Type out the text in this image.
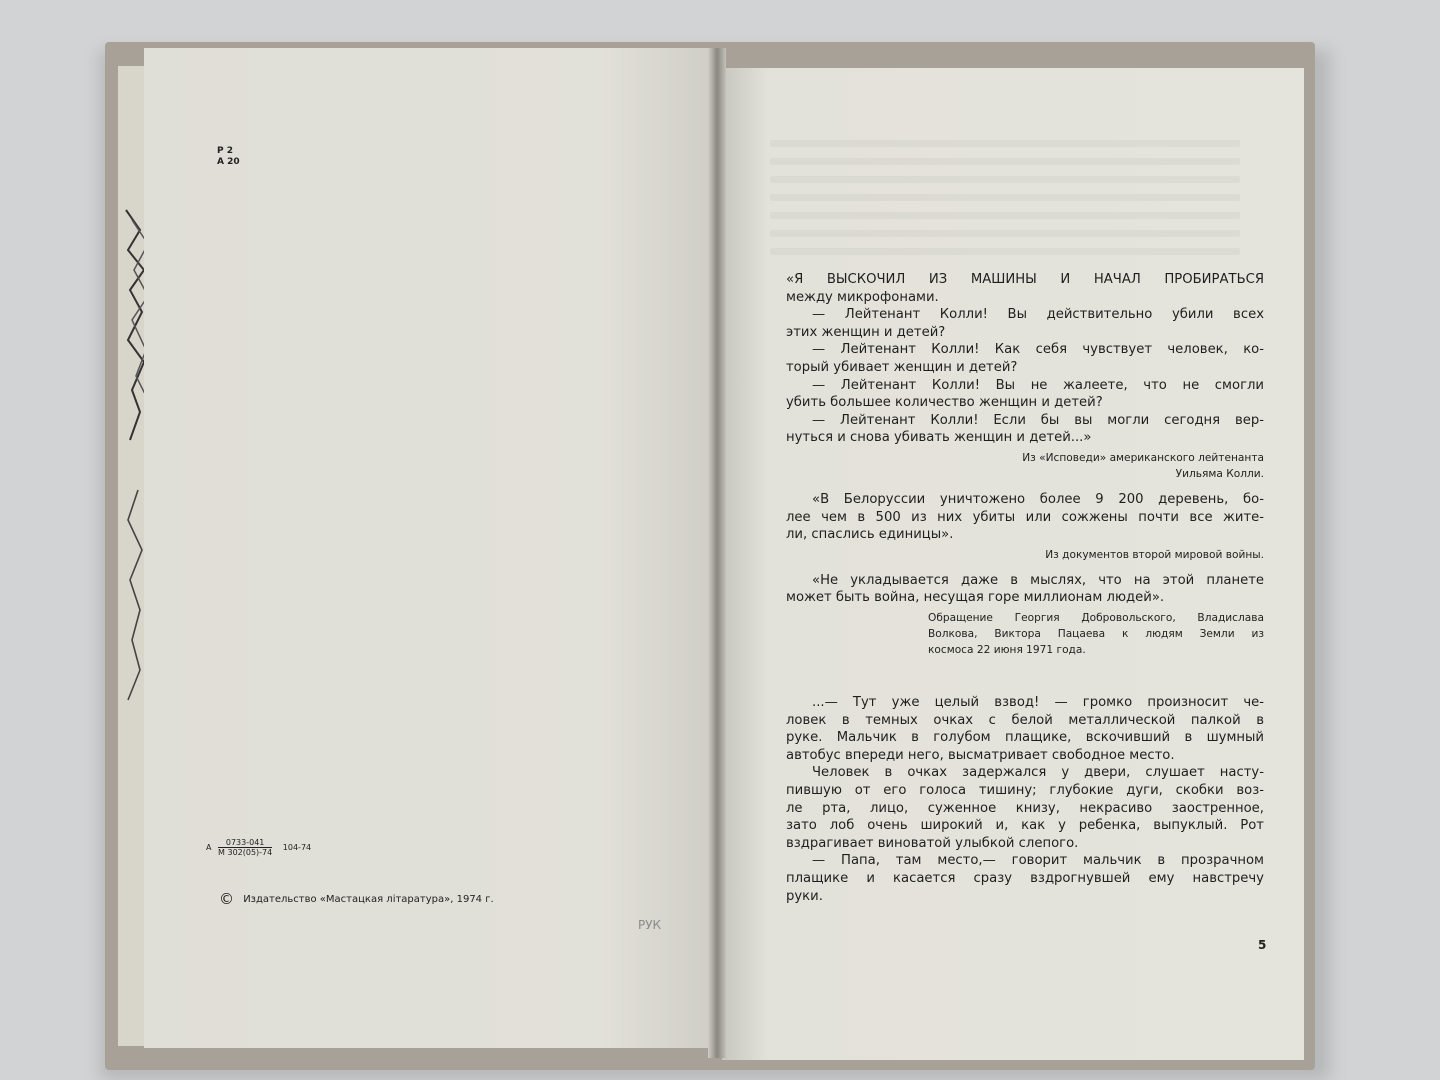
Р 2
А 20
А
0733-041
М 302(05)-74
104-74
© Издательство «Мастацкая літаратура», 1974 г.
РУК

«Я ВЫСКОЧИЛ ИЗ МАШИНЫ И НАЧАЛ ПРОБИРАТЬСЯ

между микрофонами.

— Лейтенант Колли! Вы действительно убили всех

этих женщин и детей?

— Лейтенант Колли! Как себя чувствует человек, ко-

торый убивает женщин и детей?

— Лейтенант Колли! Вы не жалеете, что не смогли

убить большее количество женщин и детей?

— Лейтенант Колли! Если бы вы могли сегодня вер-

нуться и снова убивать женщин и детей...»

Из «Исповеди» американского лейтенанта

Уильяма Колли.

«В Белоруссии уничтожено более 9 200 деревень, бо-

лее чем в 500 из них убиты или сожжены почти все жите-

ли, спаслись единицы».

Из документов второй мировой войны.

«Не укладывается даже в мыслях, что на этой планете

может быть война, несущая горе миллионам людей».

Обращение Георгия Добровольского, Владислава

Волкова, Виктора Пацаева к людям Земли из

космоса 22 июня 1971 года.

...— Тут уже целый взвод! — громко произносит че-

ловек в темных очках с белой металлической палкой в

руке. Мальчик в голубом плащике, вскочивший в шумный

автобус впереди него, высматривает свободное место.

Человек в очках задержался у двери, слушает насту-

пившую от его голоса тишину; глубокие дуги, скобки воз-

ле рта, лицо, суженное книзу, некрасиво заостренное,

зато лоб очень широкий и, как у ребенка, выпуклый. Рот

вздрагивает виноватой улыбкой слепого.

— Папа, там место,— говорит мальчик в прозрачном

плащике и касается сразу вздрогнувшей ему навстречу

руки.

5
